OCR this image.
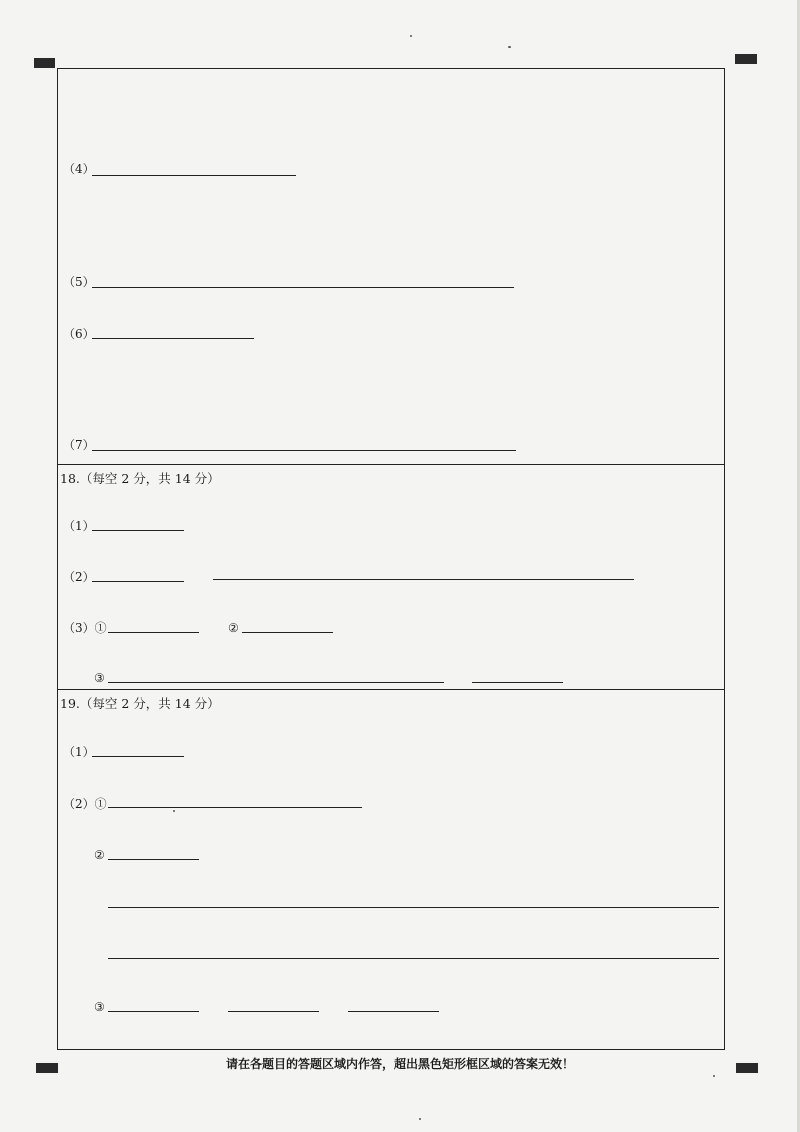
（4）
（5）
（6）
（7）
18.（每空 2 分，共 14 分）
（1）
（2）
（3）①	②
③
19.（每空 2 分，共 14 分）
（1）
（2）①
②
③
请在各题目的答题区域内作答，超出黑色矩形框区域的答案无效！
